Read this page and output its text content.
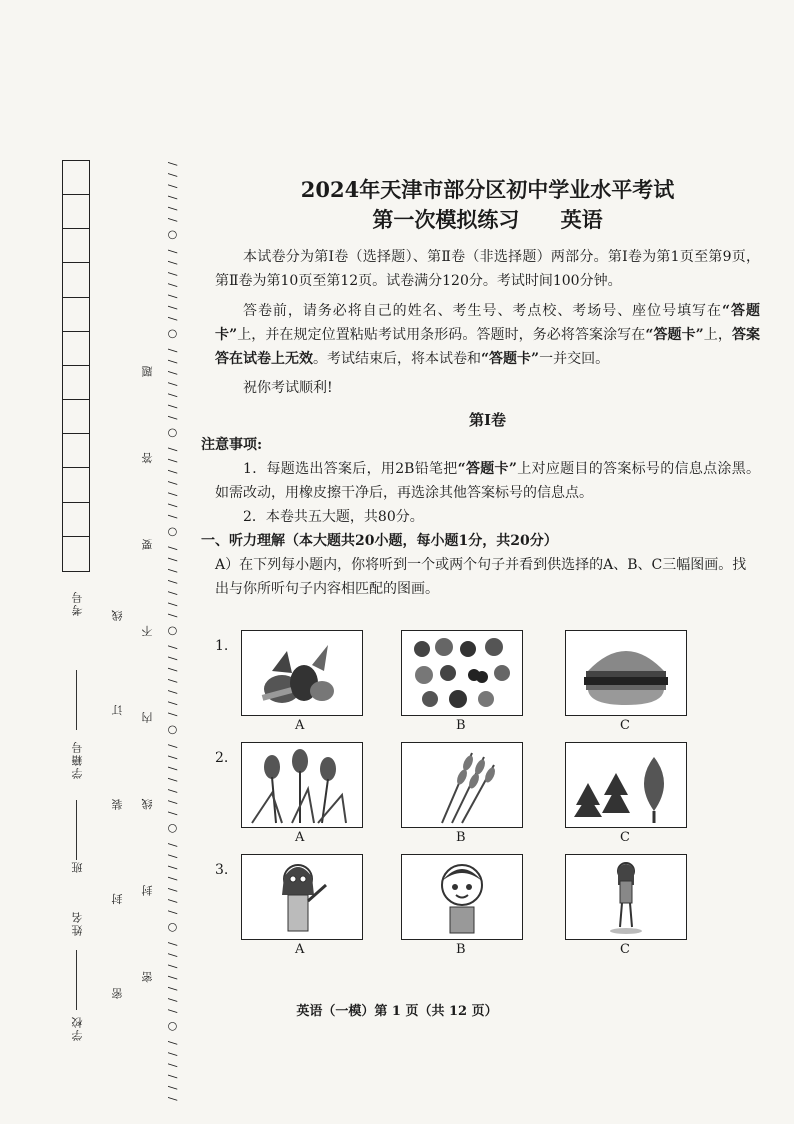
考号
学籍号
班
姓名
学校
密 封 装 订 线 密 封 线 内 不 要 答 题 / / / / / / ○ / / / / / / / ○ / / / / / / / ○ / / / / / / / ○ / / / / / / / ○ / / / / / / / ○ / / / / / / / ○ / / / / / / / ○ / / / / / / / ○ / / / / / /	2024年天津市部分区初中学业水平考试
第一次模拟练习 英语

本试卷分为第Ⅰ卷（选择题）、第Ⅱ卷（非选择题）两部分。第Ⅰ卷为第1页至第9页，第Ⅱ卷为第10页至第12页。试卷满分120分。考试时间100分钟。

答卷前，请务必将自己的姓名、考生号、考点校、考场号、座位号填写在“答题卡”上，并在规定位置粘贴考试用条形码。答题时，务必将答案涂写在“答题卡”上，答案答在试卷上无效。考试结束后，将本试卷和“答题卡”一并交回。

祝你考试顺利!

第Ⅰ卷

注意事项:

1．每题选出答案后，用2B铅笔把“答题卡”上对应题目的答案标号的信息点涂黑。如需改动，用橡皮擦干净后，再选涂其他答案标号的信息点。

2．本卷共五大题，共80分。

一、听力理解（本大题共20小题，每小题1分，共20分）

A）在下列每小题内，你将听到一个或两个句子并看到供选择的A、B、C三幅图画。找出与你所听句子内容相匹配的图画。

1.
A	B	C
2.
A	B	C
3.
A	B	C
英语（一模）第 1 页（共 12 页）
